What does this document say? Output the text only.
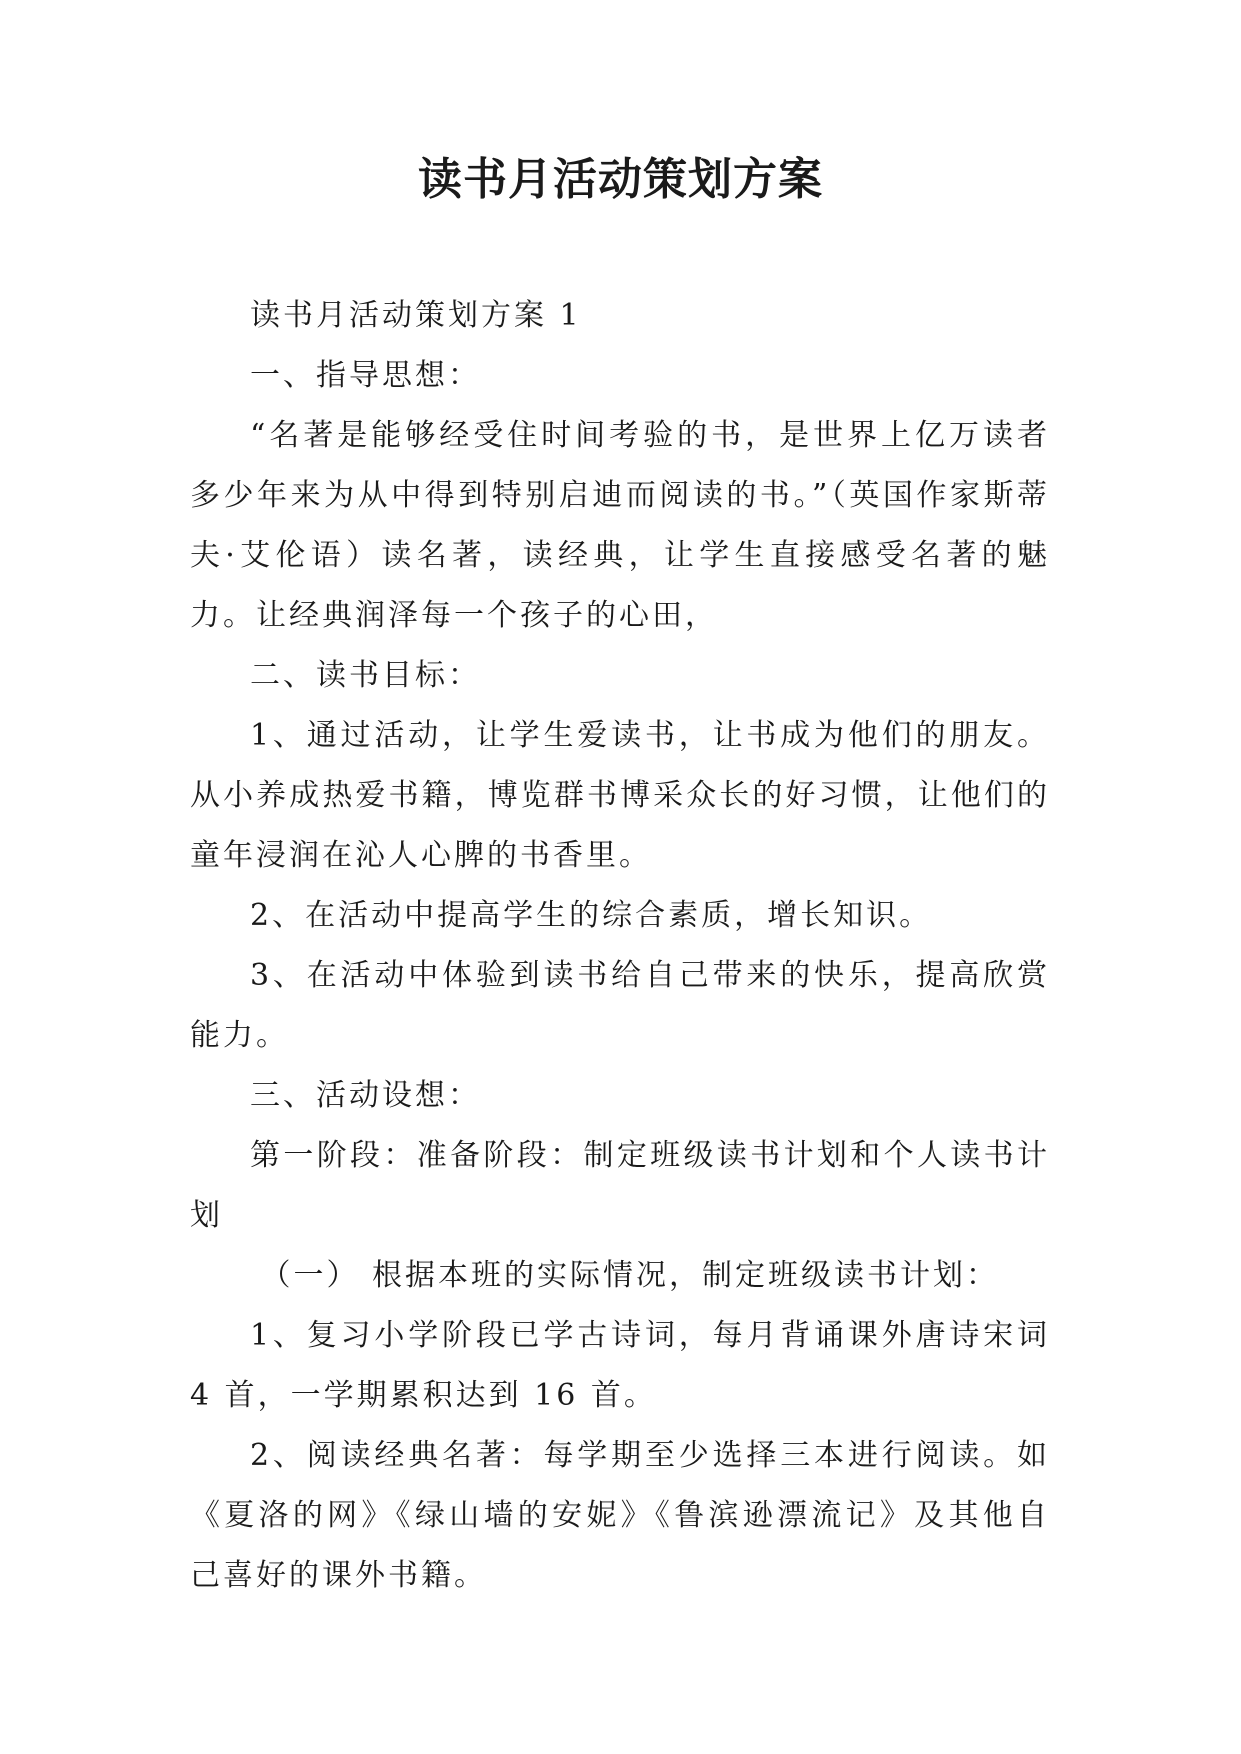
读书月活动策划方案

读书月活动策划方案 1

一、指导思想：

“名著是能够经受住时间考验的书，是世界上亿万读者多少年来为从中得到特别启迪而阅读的书。”（英国作家斯蒂夫·艾伦语）读名著，读经典，让学生直接感受名著的魅力。让经典润泽每一个孩子的心田，

二、读书目标：

1、通过活动，让学生爱读书，让书成为他们的朋友。从小养成热爱书籍，博览群书博采众长的好习惯，让他们的童年浸润在沁人心脾的书香里。

2、在活动中提高学生的综合素质，增长知识。

3、在活动中体验到读书给自己带来的快乐，提高欣赏能力。

三、活动设想：

第一阶段：准备阶段：制定班级读书计划和个人读书计划

（一） 根据本班的实际情况，制定班级读书计划：

1、复习小学阶段已学古诗词，每月背诵课外唐诗宋词 4 首，一学期累积达到 16 首。

2、阅读经典名著：每学期至少选择三本进行阅读。如《夏洛的网》《绿山墙的安妮》《鲁滨逊漂流记》及其他自己喜好的课外书籍。
